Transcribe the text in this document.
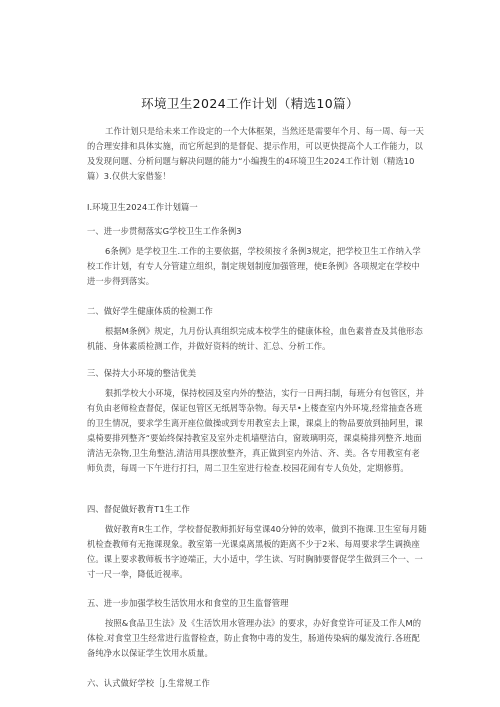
环境卫生2024工作计划（精选10篇）
工作计划只是给未来工作设定的一个大体框架，当然还是需要年个月、每一周、每一天的合理安排和具体实施，而它所起到的是督促、提示作用，可以更快提高个人工作能力，以及发现问题、分析问题与解决问题的能力“小编搜生的4环境卫生2024工作计划（精选10篇）3.仅供大家借鉴！
I.环境卫生2024工作计划篇一
一、进一步贯彻落实G学校卫生工作条例3
6条例》是学校卫生.工作的主要依据，学校须按彳条例3规定，把学校卫生工作纳入学校工作计划，有专人分管建立组织，制定规划制度加强管理，使E条例》各项规定在学校中进一步得到落实。
二、做好学生健康体质的检测工作
根据M条例》规定，九月份认真组织完成本校学生的健康体检，血色素普查及其他形态机能、身体素质检测工作，并做好资料的统计、汇总、分析工作。
三、保持大小环境的整洁优美
狠抓学校大小环境，保持校园及室内外的整洁，实行一日两扫制，每班分有包管区，并有负由老师检查督促，保证包管区无纸屑等杂物。每天早•上楼查室内外环境,经常抽查各班的卫生情况，要求学生离开座位做操或到专用教室去上课，课桌上的物品要放到抽阿里，课桌椅要排列整齐“要始终保持教室及室外走机墙壁洁白，窗玻璃明亮，课桌椅排列整齐.地面清洁无杂物,卫生角整洁,清洁用具摆放整齐，真正做到室内外洁、齐、美。各专用教室有老师负责，每周一下午进行打扫，周二卫生室进行检查.校园花闹有专人负处，定期修剪。
四、督促做好教育T1生工作
做好教育R生工作，学校督促教师抓好每堂课40分钟的效率，做到不拖课.卫生室每月随机检查教师有无拖课现象。教室第一光课桌离黑板的距离不少于2米、每周要求学生调换座位。课上要求教师板书字迹端正，大小适中，学生读、写时胸肺要督促学生做到三个一、一寸一尺一拳，降低近视率。
五、进一步加强学校生活饮用水和食堂的卫生监督管理
按照&食品卫生法》及《生活饮用水管理办法》的要求，办好食堂许可证及工作人M的体检.对食堂卫生经常进行监督检查，防止食物中毒的发生，肠道传染病的爆发流行.各班配备纯净水以保证学生饮用水质量。
六、认式做好学校［J.生常规工作
